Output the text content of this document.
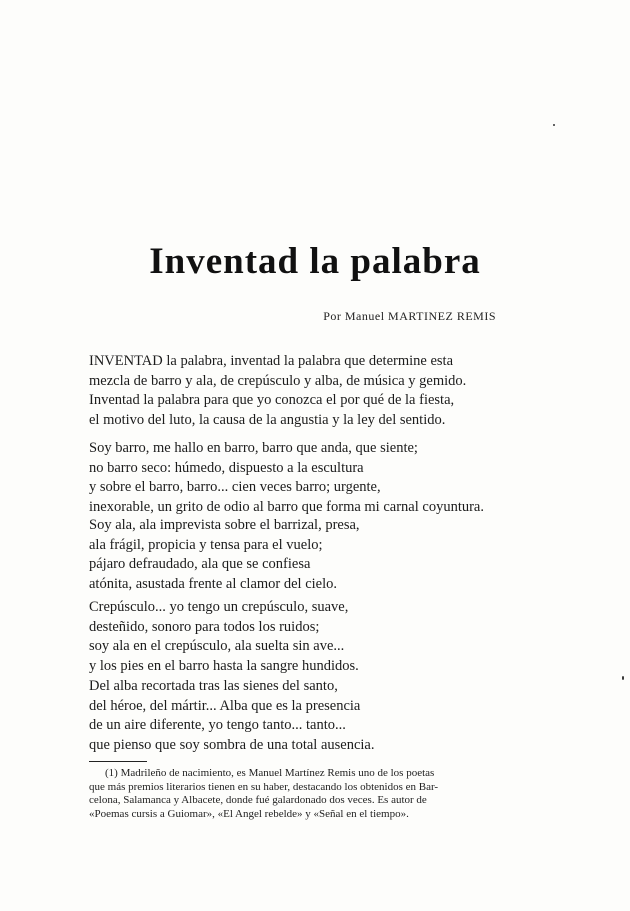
Inventad la palabra
Por Manuel MARTINEZ REMIS
INVENTAD la palabra, inventad la palabra que determine esta
mezcla de barro y ala, de crepúsculo y alba, de música y gemido.
Inventad la palabra para que yo conozca el por qué de la fiesta,
el motivo del luto, la causa de la angustia y la ley del sentido.
Soy barro, me hallo en barro, barro que anda, que siente;
no barro seco: húmedo, dispuesto a la escultura
y sobre el barro, barro... cien veces barro; urgente,
inexorable, un grito de odio al barro que forma mi carnal coyuntura.
Soy ala, ala imprevista sobre el barrizal, presa,
ala frágil, propicia y tensa para el vuelo;
pájaro defraudado, ala que se confiesa
atónita, asustada frente al clamor del cielo.
Crepúsculo... yo tengo un crepúsculo, suave,
desteñido, sonoro para todos los ruidos;
soy ala en el crepúsculo, ala suelta sin ave...
y los pies en el barro hasta la sangre hundidos.
Del alba recortada tras las sienes del santo,
del héroe, del mártir... Alba que es la presencia
de un aire diferente, yo tengo tanto... tanto...
que pienso que soy sombra de una total ausencia.
(1) Madrileño de nacimiento, es Manuel Martínez Remis uno de los poetas
que más premios literarios tienen en su haber, destacando los obtenidos en Bar-
celona, Salamanca y Albacete, donde fué galardonado dos veces. Es autor de
«Poemas cursis a Guiomar», «El Angel rebelde» y «Señal en el tiempo».
